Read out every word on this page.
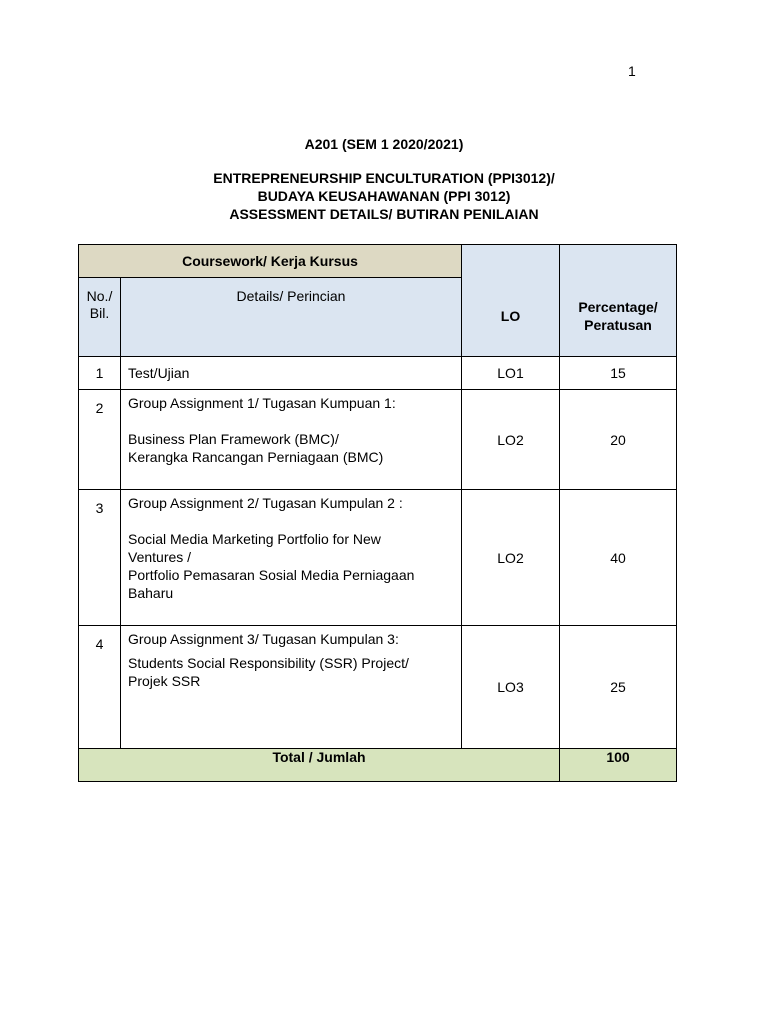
1
A201 (SEM 1 2020/2021)
ENTREPRENEURSHIP ENCULTURATION (PPI3012)/
BUDAYA KEUSAHAWANAN (PPI 3012)
ASSESSMENT DETAILS/ BUTIRAN PENILAIAN
Coursework/ Kerja Kursus		LO	Percentage/
Peratusan

No./
Bil.	Details/ Perincian		
1	Test/Ujian	LO1	15
2	Group Assignment 1/ Tugasan Kumpuan 1:
Business Plan Framework (BMC)/
Kerangka Rancangan Perniagaan (BMC)	LO2	20
3	Group Assignment 2/ Tugasan Kumpulan 2 :
Social Media Marketing Portfolio for New
Ventures /
Portfolio Pemasaran Sosial Media Perniagaan
Baharu	LO2	40
4	Group Assignment 3/ Tugasan Kumpulan 3:
Students Social Responsibility (SSR) Project/
Projek SSR	LO3	25
Total / Jumlah			100
